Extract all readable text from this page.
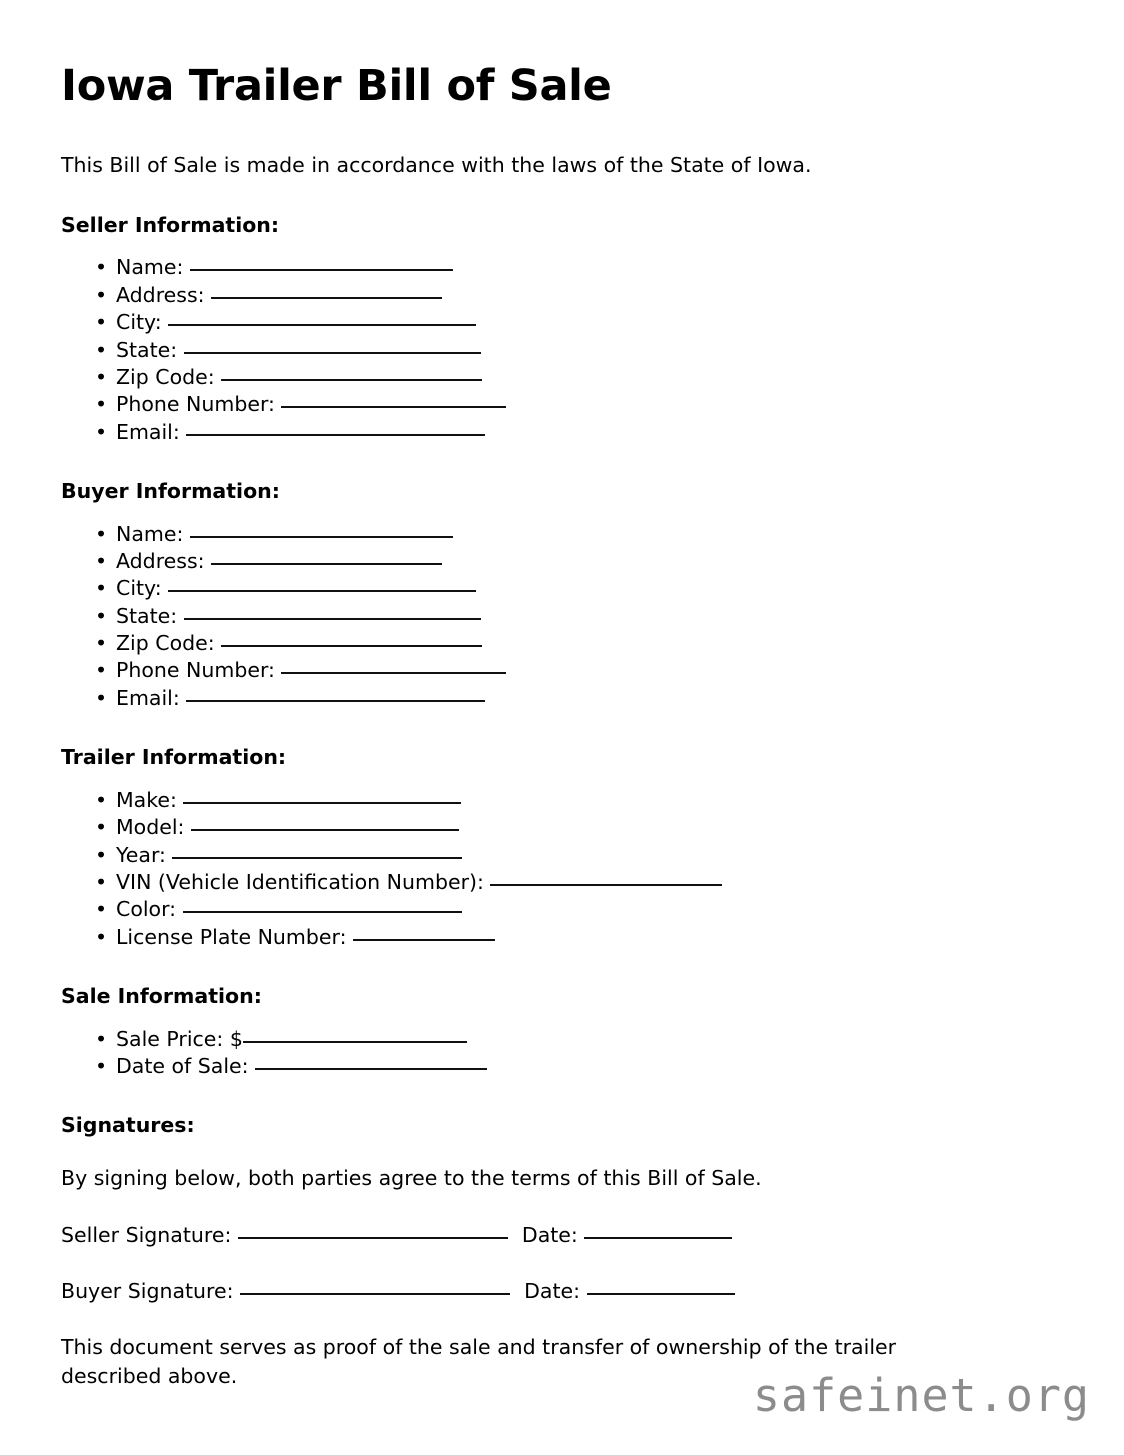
Iowa Trailer Bill of Sale

This Bill of Sale is made in accordance with the laws of the State of Iowa.

Seller Information:
• Name:
• Address:
• City:
• State:
• Zip Code:
• Phone Number:
• Email:
Buyer Information:
• Name:
• Address:
• City:
• State:
• Zip Code:
• Phone Number:
• Email:
Trailer Information:
• Make:
• Model:
• Year:
• VIN (Vehicle Identification Number):
• Color:
• License Plate Number:
Sale Information:
• Sale Price: $
• Date of Sale:
Signatures:

By signing below, both parties agree to the terms of this Bill of Sale.

Seller Signature:	Date:

Buyer Signature:	Date:

This document serves as proof of the sale and transfer of ownership of the trailer described above.	safeinet.org
